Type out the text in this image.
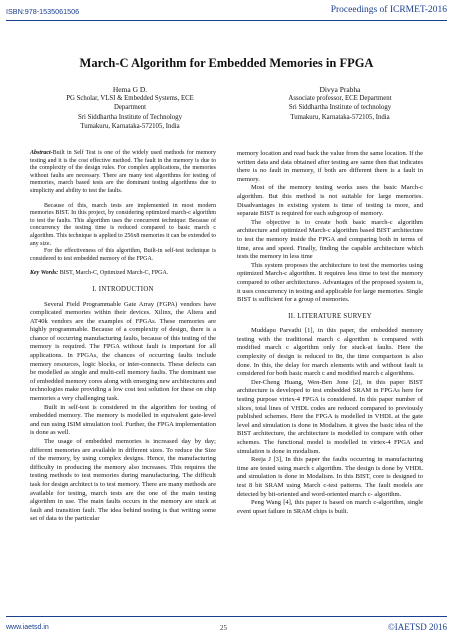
ISBN:978-1535061506	Proceedings of ICRMET-2016
March-C Algorithm for Embedded Memories in FPGA
Hema G D.
PG Scholar, VLSI & Embedded Systems, ECE
Department
Sri Siddhartha Institute of Technology
Tumakuru, Karnataka-572105, India
Divya Prabha
Associate professor, ECE Department
Sri Siddhartha Institute of technology
Tumakuru, Karnataka-572105, India

Abstract-Built in Self Test is one of the widely used methods for memory testing and it is the cost effective method. The fault in the memory is due to the complexity of the design rules. For complex applications, the memories without faults are necessary. There are many test algorithms for testing of memories, march based tests are the dominant testing algorithms due to simplicity and ability to test the faults.

Because of this, march tests are implemented in most modern memories BIST. In this project, by considering optimized march-c algorithm to test the faults. This algorithm uses the concurrent technique: Because of concurrency the testing time is reduced compared to basic march c algorithm. This technique is applied to 256x8 memories it can be extended to any size.

For the effectiveness of this algorithm, Built-in self-test technique is considered to test embedded memory of the FPGA.

Key Words: BIST, March-C, Optimized March-C, FPGA.

I. INTRODUCTION

Several Field Programmable Gate Array (FGPA) vendors have complicated memories within their devices. Xilinx, the Altera and AT40k vendors are the examples of FPGAs. These memories are highly programmable. Because of a complexity of design, there is a chance of occurring manufacturing faults, because of this testing of the memory is required. The FPGA without fault is important for all applications. In FPGAs, the chances of occurring faults include memory resources, logic blocks, or inter-connects. These defects can be modelled as single and multi-cell memory faults. The dominant use of embedded memory cores along with emerging new architectures and technologies make providing a low cost test solution for these on chip memories a very challenging task.

Built in self-test is considered in the algorithm for testing of embedded memory. The memory is modelled in equivalent gate-level and run using ISIM simulation tool. Further, the FPGA implementation is done as well.

The usage of embedded memories is increased day by day; different memories are available in different sizes. To reduce the Size of the memory, by using complex designs. Hence, the manufacturing difficulty in producing the memory also increases. This requires the testing methods to test memories during manufacturing. The difficult task for design architect is to test memory. There are many methods are available for testing, march tests are the one of the main testing algorithm in use. The main faults occurs in the memory are stuck at fault and transition fault. The idea behind testing is that writing some set of data to the particular

memory location and read back the value from the same location. If the written data and data obtained after testing are same then that indicates there is no fault in memory, if both are different there is a fault in memory.

Most of the memory testing works uses the basic March-c algorithm. But this method is not suitable for large memories. Disadvantages in existing system is time of testing is more, and separate BIST is required for each subgroup of memory.

The objective is to create both basic march-c algorithm architecture and optimized March-c algorithm based BIST architecture to test the memory inside the FPGA and comparing both in terms of time, area and speed. Finally, finding the capable architecture which tests the memory in less time

This system proposes the architecture to test the memories using optimized March-c algorithm. It requires less time to test the memory compared to other architectures. Advantages of the proposed system is, it uses concurrency in testing and applicable for large memories. Single BIST is sufficient for a group of memories.

II. LITERATURE SURVEY

Muddapu Parvathi [1], in this paper, the embedded memory testing with the traditional march c algorithm is compared with modified march c algorithm only for stuck-at faults. Here the complexity of design is reduced to 8n, the time comparison is also done. In this, the delay for march elements with and without fault is considered for both basic march c and modified march c algorithms.

Der-Cheng Huang, Wen-Ben Jone [2], in this paper BIST architecture is developed to test embedded SRAM in FPGAs here for testing purpose virtex-4 FPGA is considered. In this paper number of slices, total lines of VHDL codes are reduced compared to previously published schemes. Here the FPGA is modelled in VHDL at the gate level and simulation is done in Modalism. it gives the basic idea of the BIST architecture, the architecture is modelled to compare with other schemes. The functional model is modelled in virtex-4 FPGA and simulation is done in modalism.

Reeja J [3], In this paper the faults occurring in manufacturing time are tested using march c algorithm. The design is done by VHDL and simulation is done in Modalism. In this BIST, core is designed to test 8 bit SRAM using March c-test patterns. The fault models are detected by bit-oriented and word-oriented march c- algorithm.

Peng Wang [4], this paper is based on march c-algorithm, single event upset failure in SRAM chips is built.

www.iaetsd.in	25	©IAETSD 2016
